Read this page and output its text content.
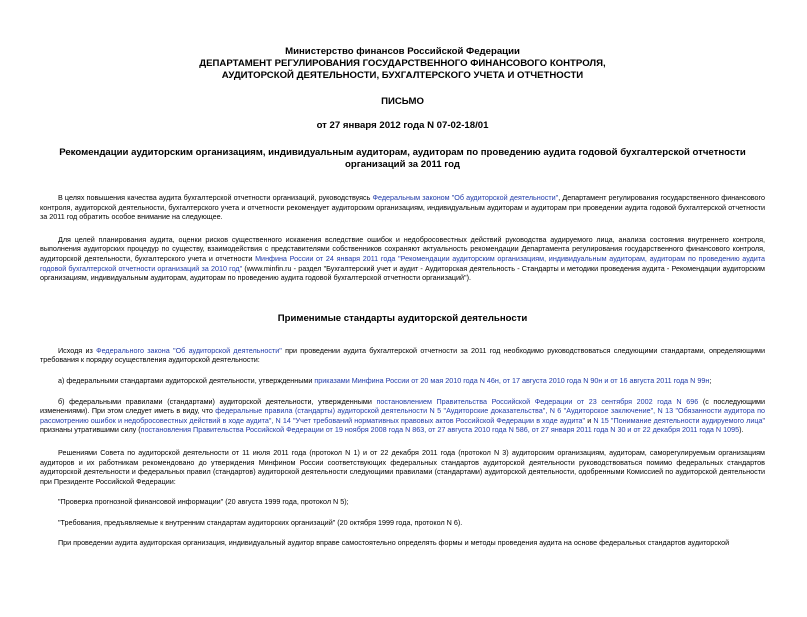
Министерство финансов Российской Федерации
ДЕПАРТАМЕНТ РЕГУЛИРОВАНИЯ ГОСУДАРСТВЕННОГО ФИНАНСОВОГО КОНТРОЛЯ,
АУДИТОРСКОЙ ДЕЯТЕЛЬНОСТИ, БУХГАЛТЕРСКОГО УЧЕТА И ОТЧЕТНОСТИ
ПИСЬМО
от 27 января 2012 года N 07-02-18/01
Рекомендации аудиторским организациям, индивидуальным аудиторам, аудиторам по проведению аудита годовой бухгалтерской отчетности организаций за 2011 год

В целях повышения качества аудита бухгалтерской отчетности организаций, руководствуясь Федеральным законом "Об аудиторской деятельности", Департамент регулирования государственного финансового контроля, аудиторской деятельности, бухгалтерского учета и отчетности рекомендует аудиторским организациям, индивидуальным аудиторам и аудиторам при проведении аудита годовой бухгалтерской отчетности за 2011 год обратить особое внимание на следующее.

Для целей планирования аудита, оценки рисков существенного искажения вследствие ошибок и недобросовестных действий руководства аудируемого лица, анализа состояния внутреннего контроля, выполнения аудиторских процедур по существу, взаимодействия с представителями собственников сохраняют актуальность рекомендации Департамента регулирования государственного финансового контроля, аудиторской деятельности, бухгалтерского учета и отчетности Минфина России от 24 января 2011 года "Рекомендации аудиторским организациям, индивидуальным аудиторам, аудиторам по проведению аудита годовой бухгалтерской отчетности организаций за 2010 год" (www.minfin.ru - раздел "Бухгалтерский учет и аудит - Аудиторская деятельность - Стандарты и методики проведения аудита - Рекомендации аудиторским организациям, индивидуальным аудиторам, аудиторам по проведению аудита годовой бухгалтерской отчетности организаций").

Применимые стандарты аудиторской деятельности

Исходя из Федерального закона "Об аудиторской деятельности" при проведении аудита бухгалтерской отчетности за 2011 год необходимо руководствоваться следующими стандартами, определяющими требования к порядку осуществления аудиторской деятельности:

а) федеральными стандартами аудиторской деятельности, утвержденными приказами Минфина России от 20 мая 2010 года N 46н, от 17 августа 2010 года N 90н и от 16 августа 2011 года N 99н;

б) федеральными правилами (стандартами) аудиторской деятельности, утвержденными постановлением Правительства Российской Федерации от 23 сентября 2002 года N 696 (с последующими изменениями). При этом следует иметь в виду, что федеральные правила (стандарты) аудиторской деятельности N 5 "Аудиторские доказательства", N 6 "Аудиторское заключение", N 13 "Обязанности аудитора по рассмотрению ошибок и недобросовестных действий в ходе аудита", N 14 "Учет требований нормативных правовых актов Российской Федерации в ходе аудита" и N 15 "Понимание деятельности аудируемого лица" признаны утратившими силу (постановления Правительства Российской Федерации от 19 ноября 2008 года N 863, от 27 августа 2010 года N 586, от 27 января 2011 года N 30 и от 22 декабря 2011 года N 1095).

Решениями Совета по аудиторской деятельности от 11 июля 2011 года (протокол N 1) и от 22 декабря 2011 года (протокол N 3) аудиторским организациям, аудиторам, саморегулируемым организациям аудиторов и их работникам рекомендовано до утверждения Минфином России соответствующих федеральных стандартов аудиторской деятельности руководствоваться помимо федеральных стандартов аудиторской деятельности и федеральных правил (стандартов) аудиторской деятельности следующими правилами (стандартами) аудиторской деятельности, одобренными Комиссией по аудиторской деятельности при Президенте Российской Федерации:

"Проверка прогнозной финансовой информации" (20 августа 1999 года, протокол N 5);

"Требования, предъявляемые к внутренним стандартам аудиторских организаций" (20 октября 1999 года, протокол N 6).

При проведении аудита аудиторская организация, индивидуальный аудитор вправе самостоятельно определять формы и методы проведения аудита на основе федеральных стандартов аудиторской
